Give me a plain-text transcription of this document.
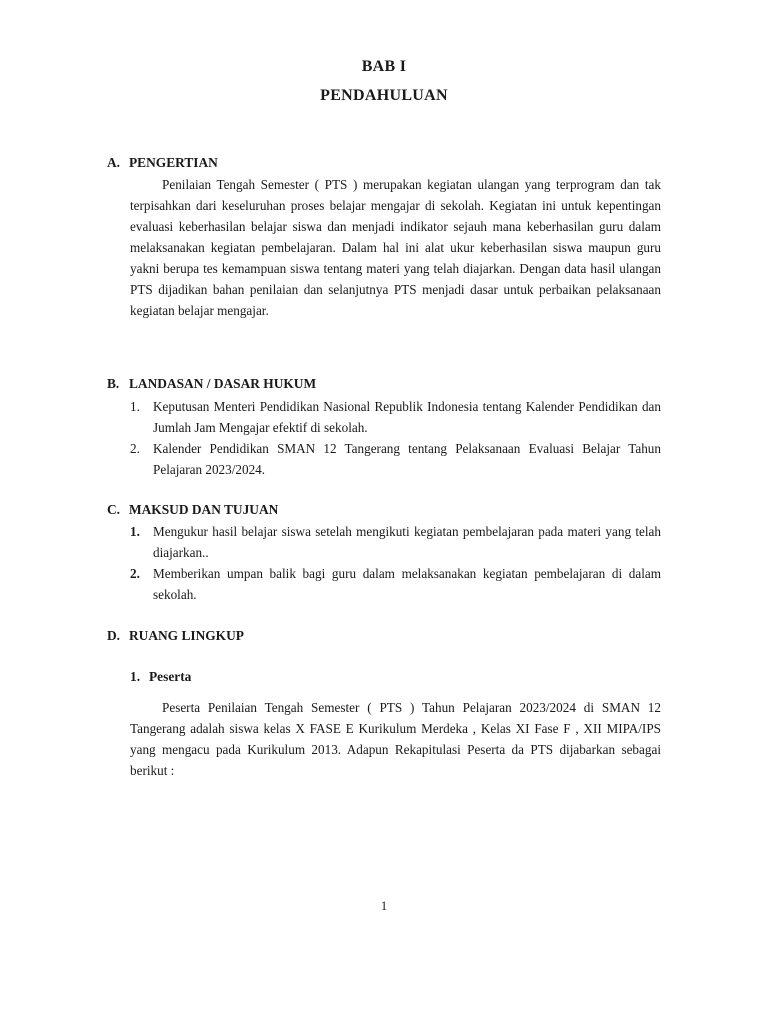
BAB I
PENDAHULUAN
A. PENGERTIAN
Penilaian Tengah Semester ( PTS ) merupakan kegiatan ulangan yang terprogram dan tak terpisahkan dari keseluruhan proses belajar mengajar di sekolah. Kegiatan ini untuk kepentingan evaluasi keberhasilan belajar siswa dan menjadi indikator sejauh mana keberhasilan guru dalam melaksanakan kegiatan pembelajaran. Dalam hal ini alat ukur keberhasilan siswa maupun guru yakni berupa tes kemampuan siswa tentang materi yang telah diajarkan. Dengan data hasil ulangan PTS dijadikan bahan penilaian dan selanjutnya PTS menjadi dasar untuk perbaikan pelaksanaan kegiatan belajar mengajar.
B. LANDASAN / DASAR HUKUM
1. Keputusan Menteri Pendidikan Nasional Republik Indonesia tentang Kalender Pendidikan dan Jumlah Jam Mengajar efektif di sekolah.
2. Kalender Pendidikan SMAN 12 Tangerang tentang Pelaksanaan Evaluasi Belajar Tahun Pelajaran 2023/2024.
C. MAKSUD DAN TUJUAN
1. Mengukur hasil belajar siswa setelah mengikuti kegiatan pembelajaran pada materi yang telah diajarkan..
2. Memberikan umpan balik bagi guru dalam melaksanakan kegiatan pembelajaran di dalam sekolah.
D. RUANG LINGKUP
1. Peserta
Peserta Penilaian Tengah Semester ( PTS ) Tahun Pelajaran 2023/2024 di SMAN 12 Tangerang adalah siswa kelas X FASE E Kurikulum Merdeka , Kelas XI Fase F , XII MIPA/IPS yang mengacu pada Kurikulum 2013. Adapun Rekapitulasi Peserta da PTS dijabarkan sebagai berikut :
1
